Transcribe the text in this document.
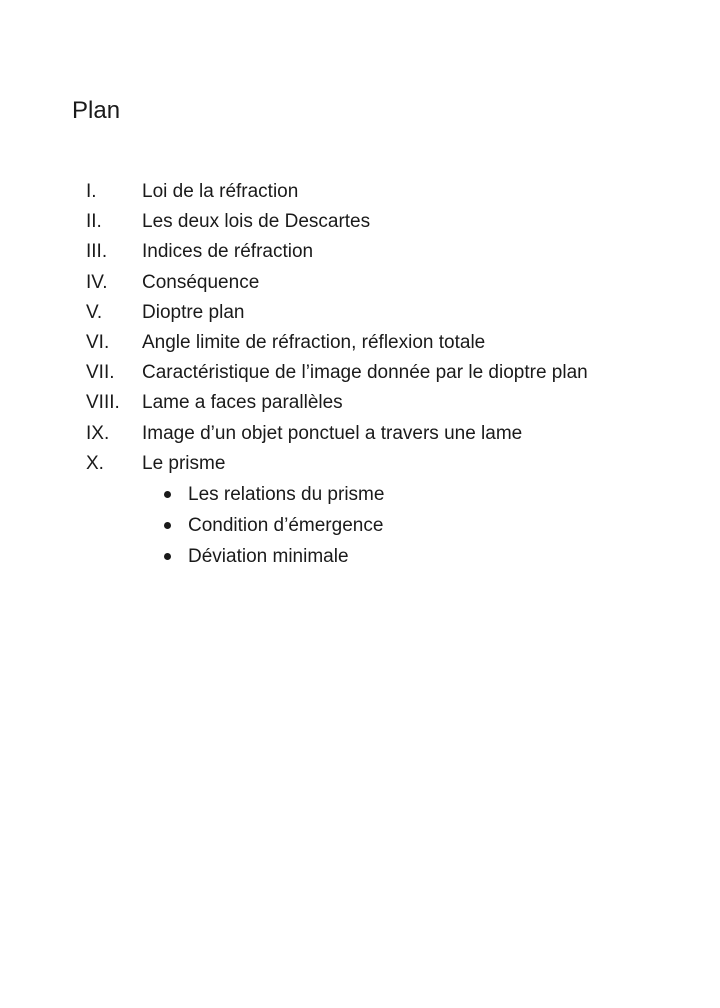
Plan
I. Loi de la réfraction
II. Les deux lois de Descartes
III. Indices de réfraction
IV. Conséquence
V. Dioptre plan
VI. Angle limite de réfraction, réflexion totale
VII. Caractéristique de l’image donnée par le dioptre plan
VIII. Lame a faces parallèles
IX. Image d’un objet ponctuel a travers une lame
X. Le prisme
Les relations du prisme
Condition d’émergence
Déviation minimale
